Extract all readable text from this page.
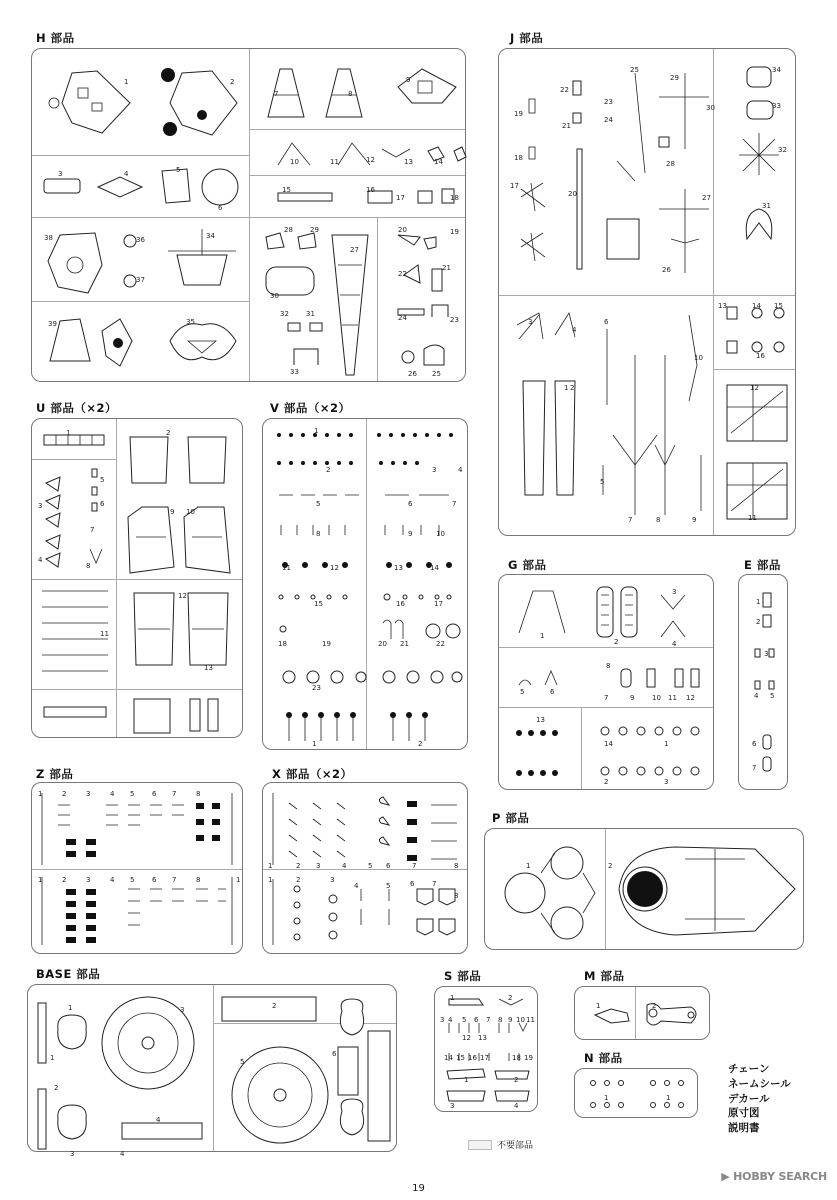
H 部品	J 部品
U 部品（×2）	V 部品（×2）
G 部品	E 部品
Z 部品	X 部品（×2）
P 部品
BASE 部品	S 部品	M 部品
N 部品
1	2
3	4	5
6
7	8
9
10	11	12	13	14
15	16
17	18
19
20
21
22
23
24
25
26
27
28 29
30
31
32
33
34
35
36
37
38
39
1 2
3
4
5
6
7	8	9
10
11
12
13	14 15
16
17
18
19
20
21
22
23
24
25
26
27
28
29
30
31
32
33
34
1	2
3
4
5
6
7
8
9 10
11
12
13
1
2	3	4
5	6	7
8	9	10
11	12	13	14
15	16	17
18	19	20 21	22
23
1	2
1
2
3
4
5	6
7
8
9	10 11 12
13
14	1
2	3
1
2
3
4 5
6
7
1	2	3	4 5	6 7	8
1	2	3	4 5	6 7	8	1
1	2 3	4	5 6	7	8
1	2	3
4	5	6	7
8
1	2
1	2
3
4
5
6
1
2
3	4
1	2
3 4 5 6 7 8 9 10 11
12 13
14 15 16 17	18 19
1	2
3	4
1	2
1	1
チェーン
ネームシール
デカール
原寸図
説明書
不要部品
▶ HOBBY SEARCH
19
